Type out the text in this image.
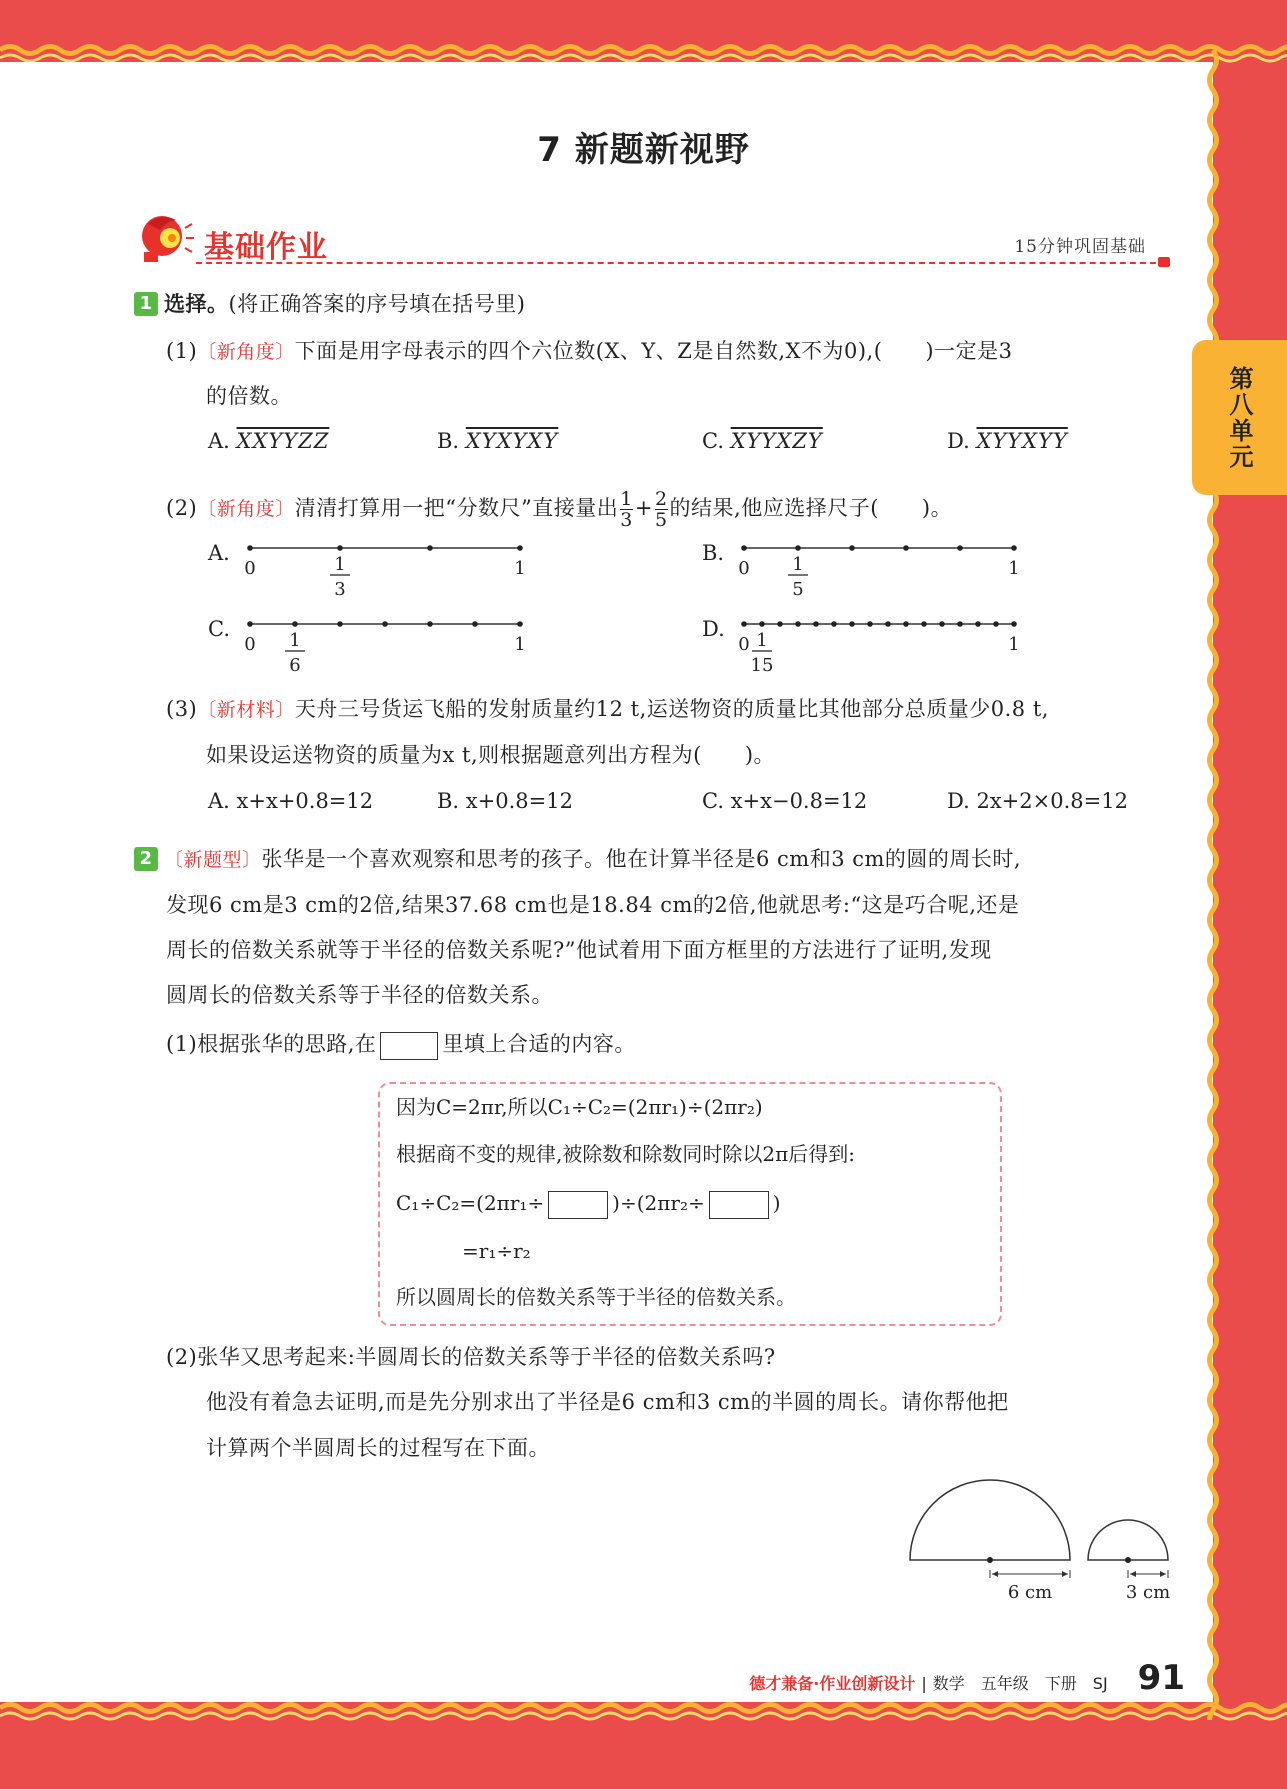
第八单元
7 新题新视野
基础作业	15分钟巩固基础
1 选择。(将正确答案的序号填在括号里)
(1)〔新角度〕下面是用字母表示的四个六位数(X、Y、Z是自然数,X不为0),(　　)一定是3
的倍数。
A. XXYYZZ	B. XYXYXY	C. XYYXZY	D. XYYXYY
(2)〔新角度〕清清打算用一把“分数尺”直接量出 $\frac{1}{3} + \frac{2}{5}$ 的结果,他应选择尺子(　　)。
A.
0	1
1
3
B.
0	1
1
5
C.
0	1
1
6
D.
0	1
1
15
(3)〔新材料〕天舟三号货运飞船的发射质量约12 t,运送物资的质量比其他部分总质量少0.8 t,
如果设运送物资的质量为x t,则根据题意列出方程为(　　)。
A. x+x+0.8=12	B. x+0.8=12	C. x+x−0.8=12	D. 2x+2×0.8=12
2 〔新题型〕张华是一个喜欢观察和思考的孩子。他在计算半径是6 cm和3 cm的圆的周长时,
发现6 cm是3 cm的2倍,结果37.68 cm也是18.84 cm的2倍,他就思考:“这是巧合呢,还是
周长的倍数关系就等于半径的倍数关系呢?”他试着用下面方框里的方法进行了证明,发现
圆周长的倍数关系等于半径的倍数关系。
(1)根据张华的思路,在	里填上合适的内容。
因为C=2πr,所以C₁÷C₂=(2πr₁)÷(2πr₂)
根据商不变的规律,被除数和除数同时除以2π后得到:
C₁÷C₂=(2πr₁÷	)÷(2πr₂÷	)
=r₁÷r₂
所以圆周长的倍数关系等于半径的倍数关系。
(2)张华又思考起来:半圆周长的倍数关系等于半径的倍数关系吗?
他没有着急去证明,而是先分别求出了半径是6 cm和3 cm的半圆的周长。请你帮他把
计算两个半圆周长的过程写在下面。
6 cm	3 cm
德才兼备·作业创新设计 | 数学　五年级　下册　SJ 91
